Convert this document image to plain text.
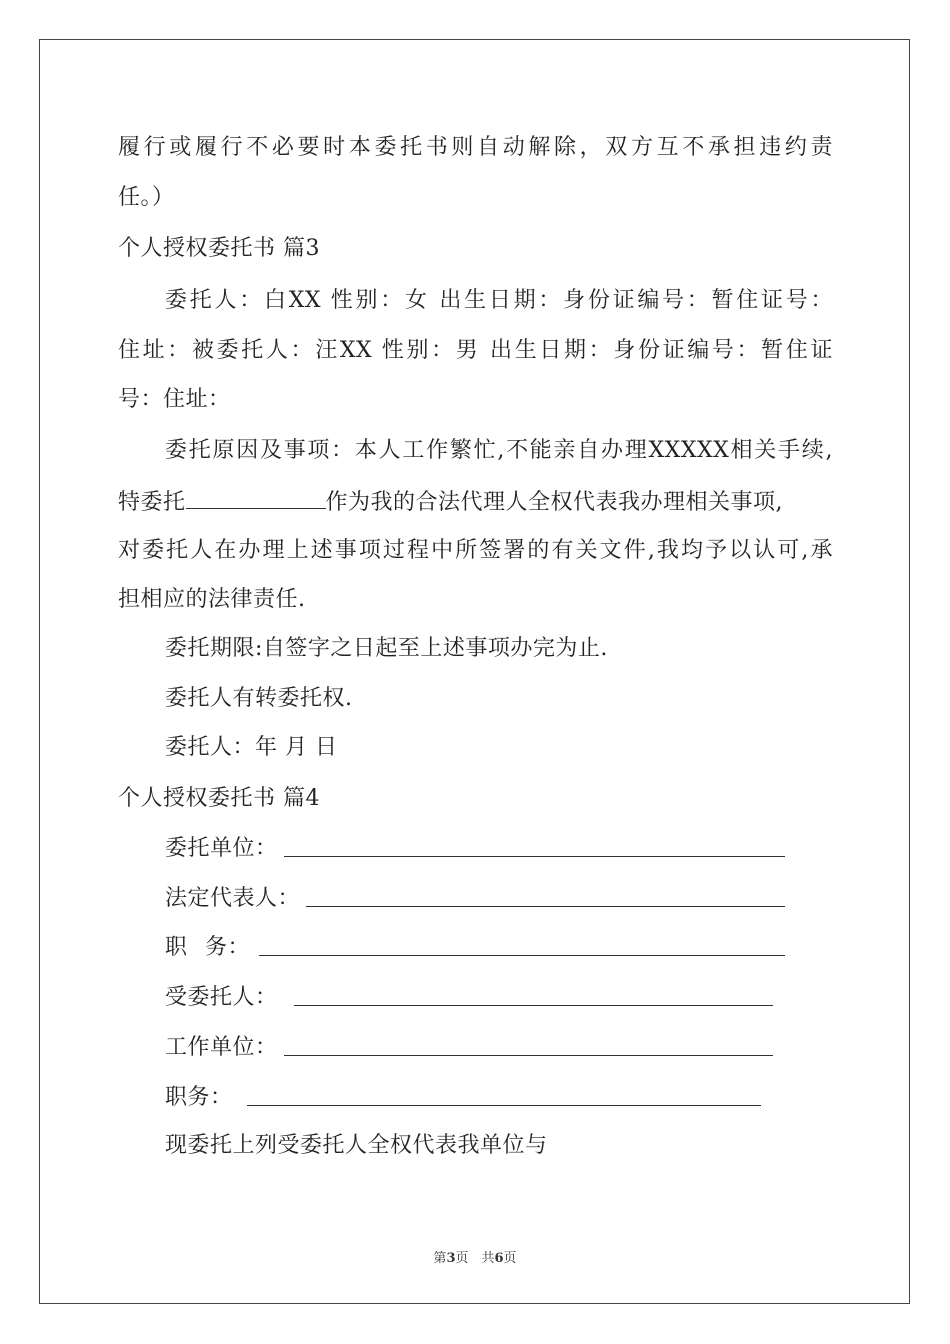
履行或履行不必要时本委托书则自动解除，双方互不承担违约责
任。）
个人授权委托书 篇3
委托人：白XX 性别：女 出生日期：身份证编号：暂住证号：
住址：被委托人：汪XX 性别：男 出生日期：身份证编号：暂住证
号：住址：
委托原因及事项：本人工作繁忙,不能亲自办理XXXXX相关手续,
特委托	作为我的合法代理人全权代表我办理相关事项,
对委托人在办理上述事项过程中所签署的有关文件,我均予以认可,承
担相应的法律责任.
委托期限:自签字之日起至上述事项办完为止.
委托人有转委托权.
委托人：年 月 日
个人授权委托书 篇4
委托单位：
法定代表人：
职 务：
受委托人：
工作单位：
职务：
现委托上列受委托人全权代表我单位与
第3页　共6页
